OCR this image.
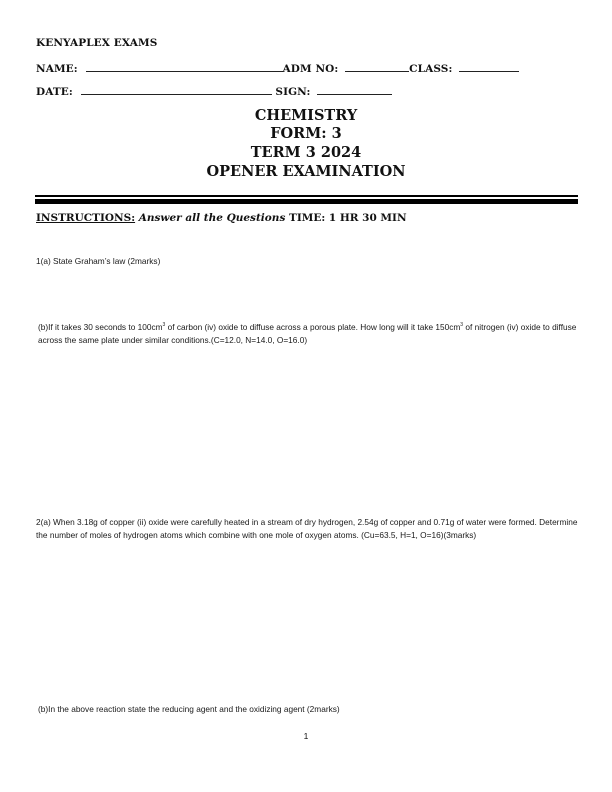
KENYAPLEX EXAMS
NAME:	ADM NO:	CLASS:
DATE:	SIGN:
CHEMISTRY
FORM: 3
TERM 3 2024
OPENER EXAMINATION
INSTRUCTIONS: Answer all the Questions TIME: 1 HR 30 MIN
1(a) State Graham’s law (2marks)
(b)If it takes 30 seconds to $100cm^3$ of carbon (iv) oxide to diffuse across a porous plate. How long will it take $150cm^3$ of nitrogen (iv) oxide to diffuse across the same plate under similar conditions.(C=12.0, N=14.0, O=16.0)
2(a) When 3.18g of copper (ii) oxide were carefully heated in a stream of dry hydrogen, 2.54g of copper and 0.71g of water were formed. Determine the number of moles of hydrogen atoms which combine with one mole of oxygen atoms. (Cu=63.5, H=1, O=16)(3marks)
(b)In the above reaction state the reducing agent and the oxidizing agent (2marks)
1
